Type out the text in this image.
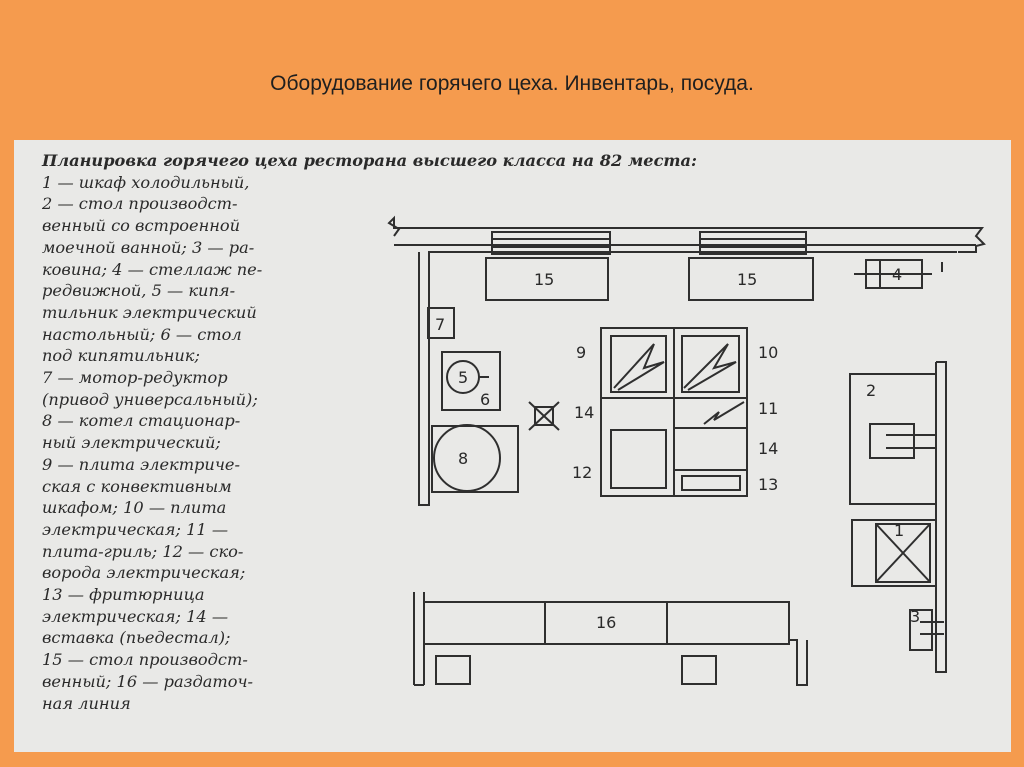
Оборудование горячего цеха. Инвентарь, посуда.
Планировка горячего цеха ресторана высшего класса на 82 места:
1 — шкаф холодильный,
2 — стол производст-
венный со встроенной
моечной ванной; 3 — ра-
ковина; 4 — стеллаж пе-
редвижной, 5 — кипя-
тильник электрический
настольный; 6 — стол
под кипятильник;
7 — мотор-редуктор
(привод универсальный);
8 — котел стационар-
ный электрический;
9 — плита электриче-
ская с конвективным
шкафом; 10 — плита
электрическая; 11 —
плита-гриль; 12 — ско-
ворода электрическая;
13 — фритюрница
электрическая; 14 —
вставка (пьедестал);
15 — стол производст-
венный; 16 — раздаточ-
ная линия
15	15	4
7
5
6
8
14
9	10
11
12
14
13
2
1
3
16
